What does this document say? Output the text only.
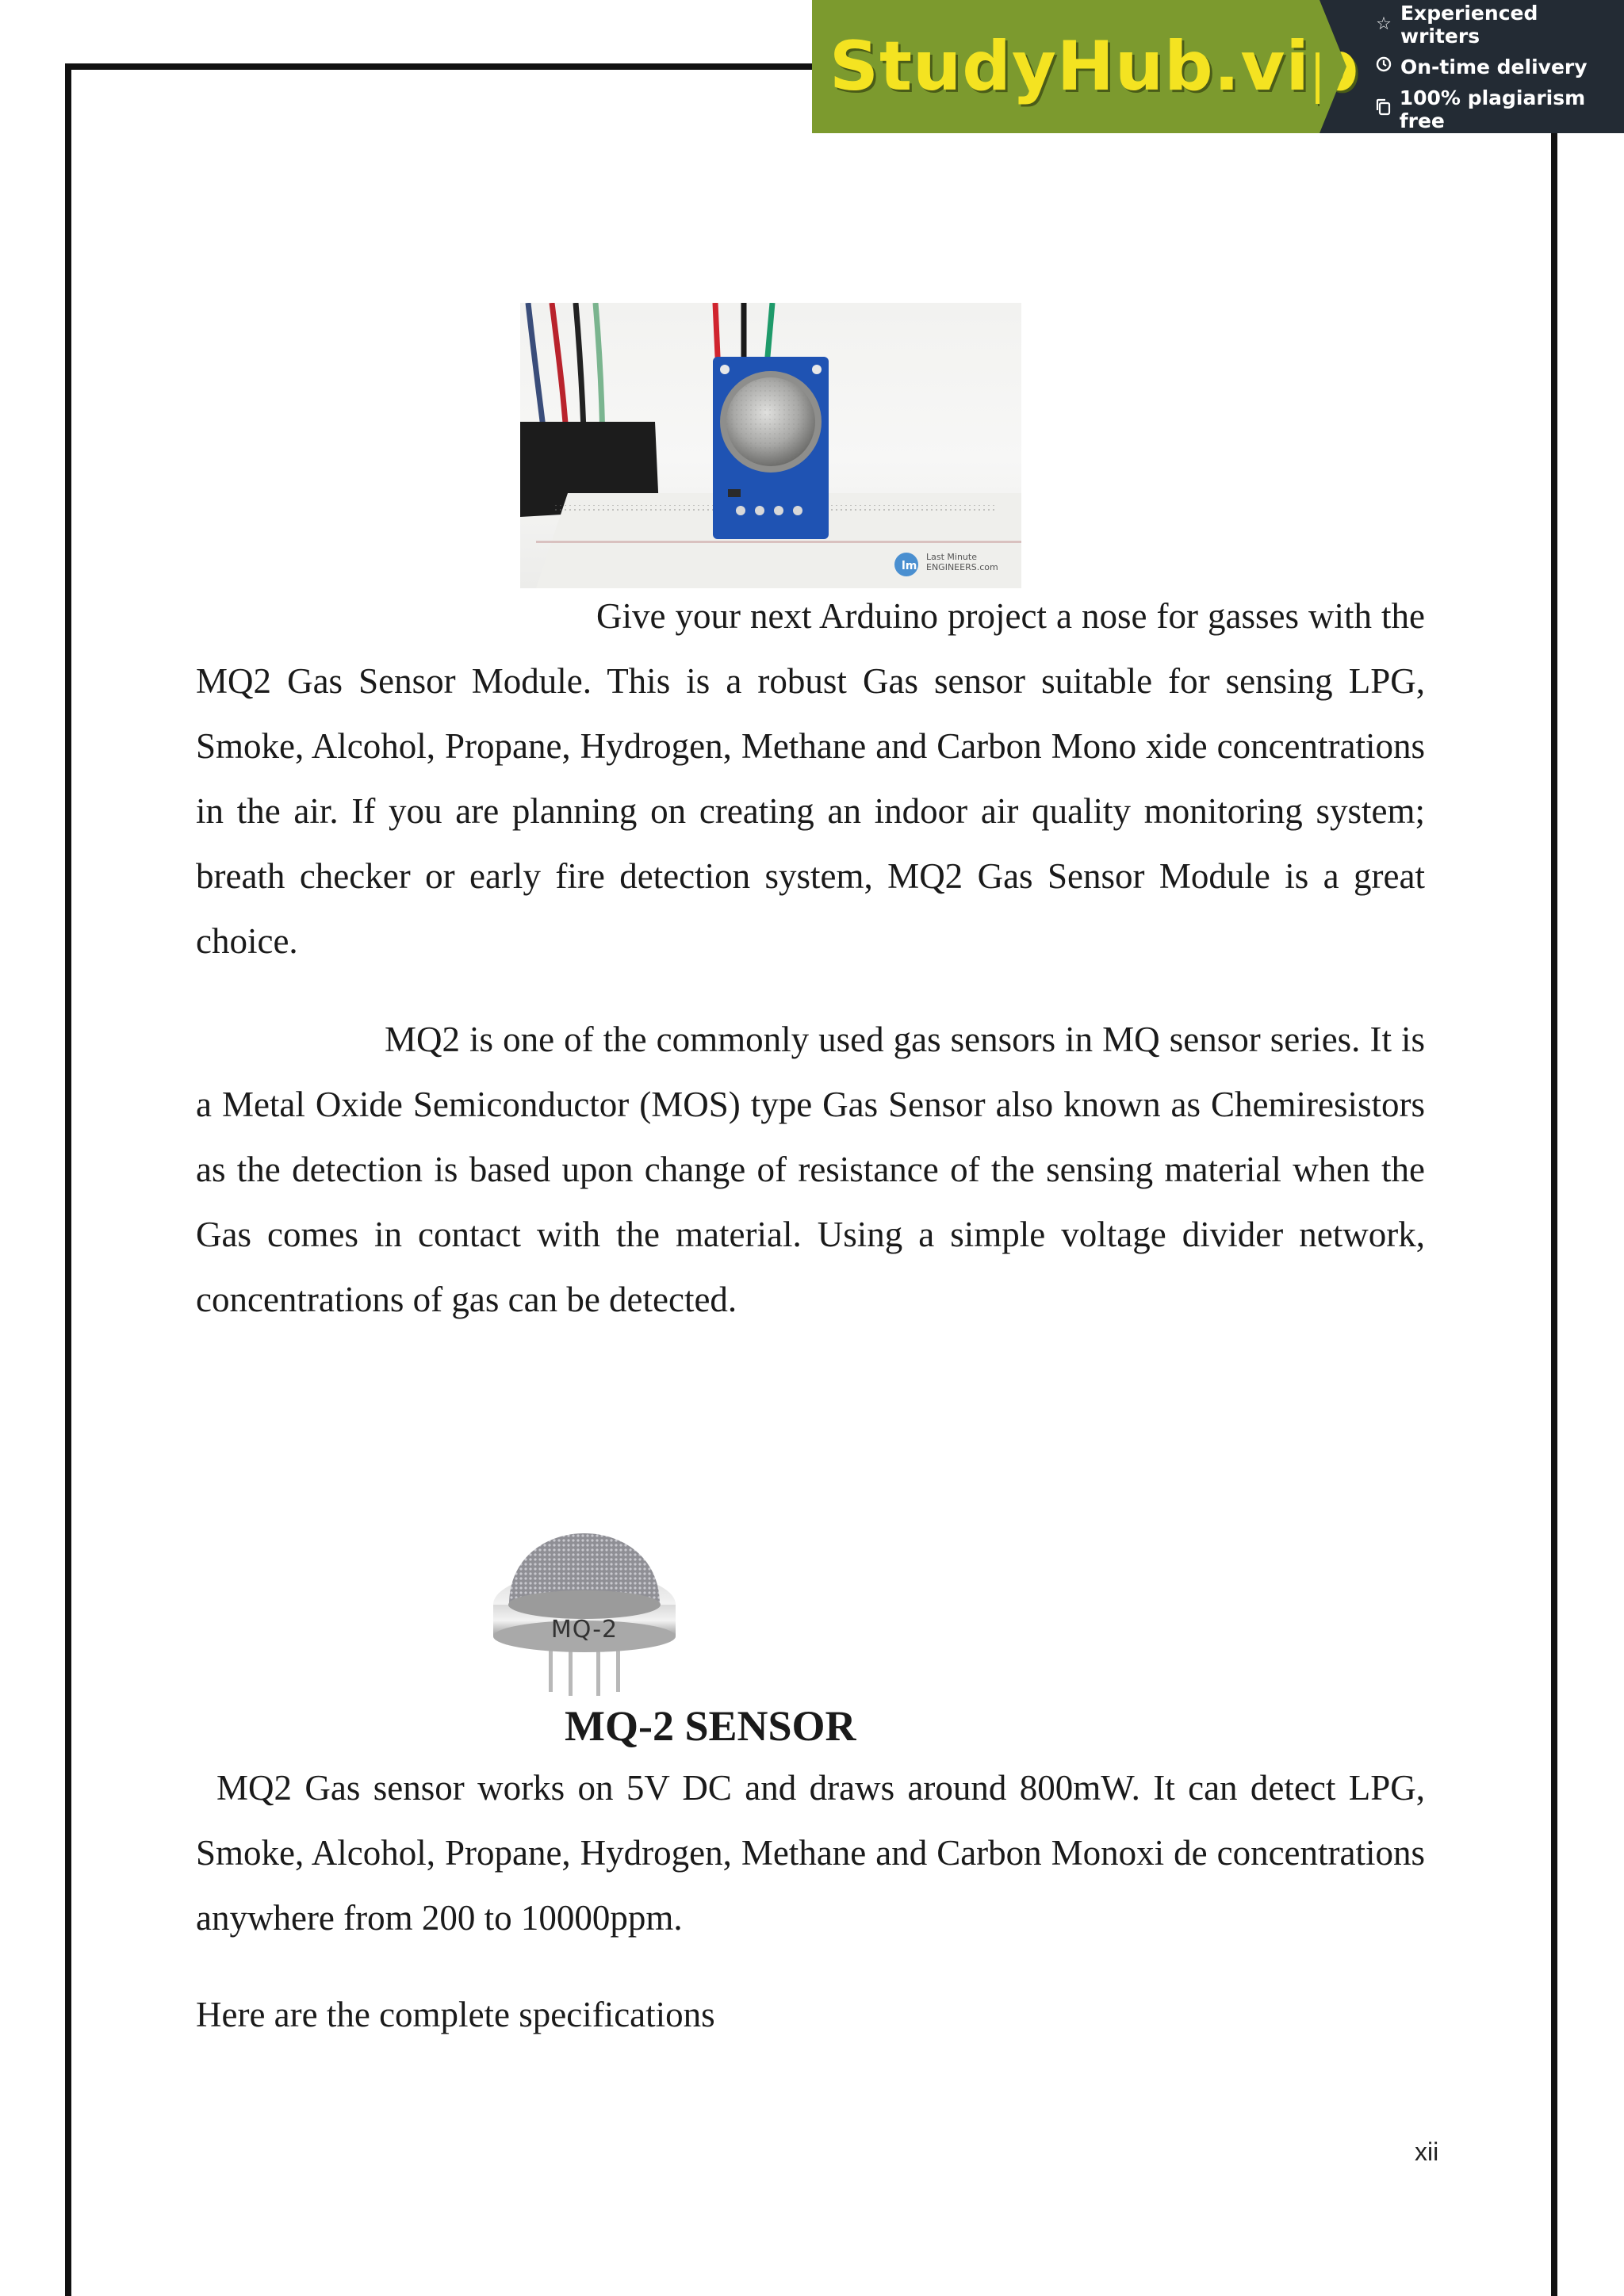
StudyHub.vip
☆ Experienced writers
On-time delivery
100% plagiarism free
lm
Last Minute ENGINEERS.com

Give your next Arduino project a nose for gasses with the MQ2 Gas Sensor Module. This is a robust Gas sensor suitable for sensing LPG, Smoke, Alcohol, Propane, Hydrogen, Methane and Carbon Mono xide concentrations in the air. If you are planning on creating an indoor air quality monitoring system; breath checker or early fire detection system, MQ2 Gas Sensor Module is a great choice.

MQ2 is one of the commonly used gas sensors in MQ sensor series. It is a Metal Oxide Semiconductor (MOS) type Gas Sensor also known as Chemiresistors as the detection is based upon change of resistance of the sensing material when the Gas comes in contact with the material. Using a simple voltage divider network, concentrations of gas can be detected.

MQ-2

MQ-2 SENSOR

MQ2 Gas sensor works on 5V DC and draws around 800mW. It can detect LPG, Smoke, Alcohol, Propane, Hydrogen, Methane and Carbon Monoxi de concentrations anywhere from 200 to 10000ppm.

Here are the complete specifications

xii
